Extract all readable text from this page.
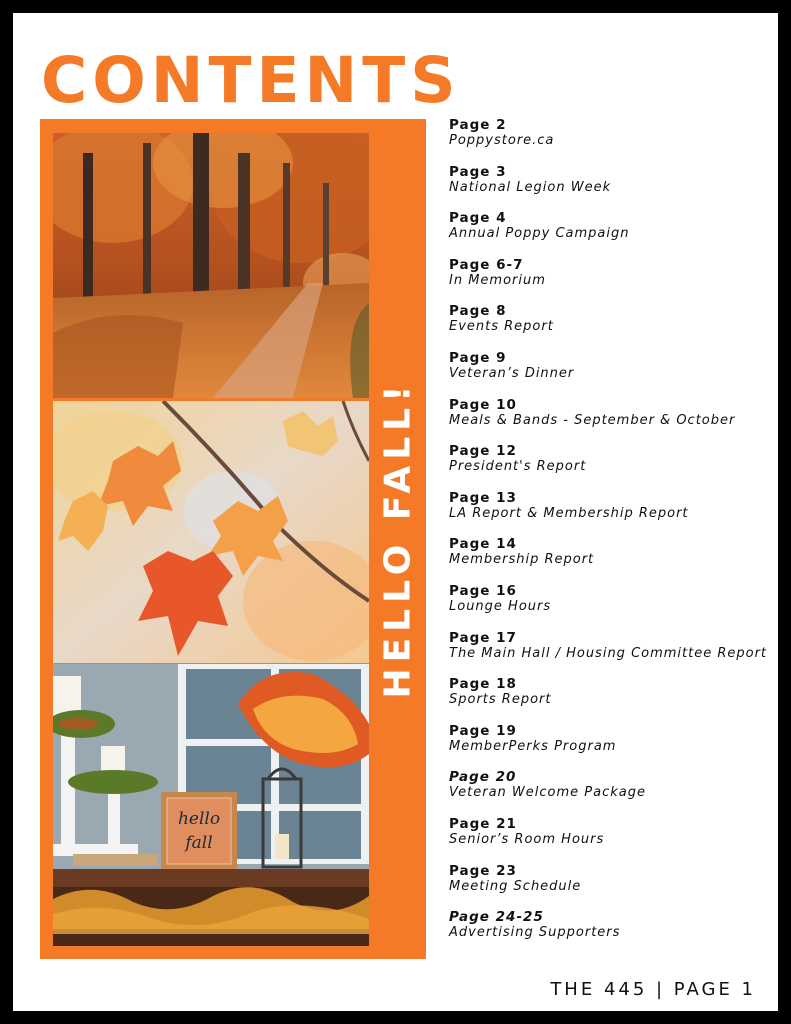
CONTENTS
hello
fall
HELLO FALL!
Page 2
Poppystore.ca
Page 3
National Legion Week
Page 4
Annual Poppy Campaign
Page 6-7
In Memorium
Page 8
Events Report
Page 9
Veteran’s Dinner
Page 10
Meals & Bands - September & October
Page 12
President's Report
Page 13
LA Report & Membership Report
Page 14
Membership Report
Page 16
Lounge Hours
Page 17
The Main Hall / Housing Committee Report
Page 18
Sports Report
Page 19
MemberPerks Program
Page 20
Veteran Welcome Package
Page 21
Senior’s Room Hours
Page 23
Meeting Schedule
Page 24-25
Advertising Supporters
THE 445 | PAGE 1
